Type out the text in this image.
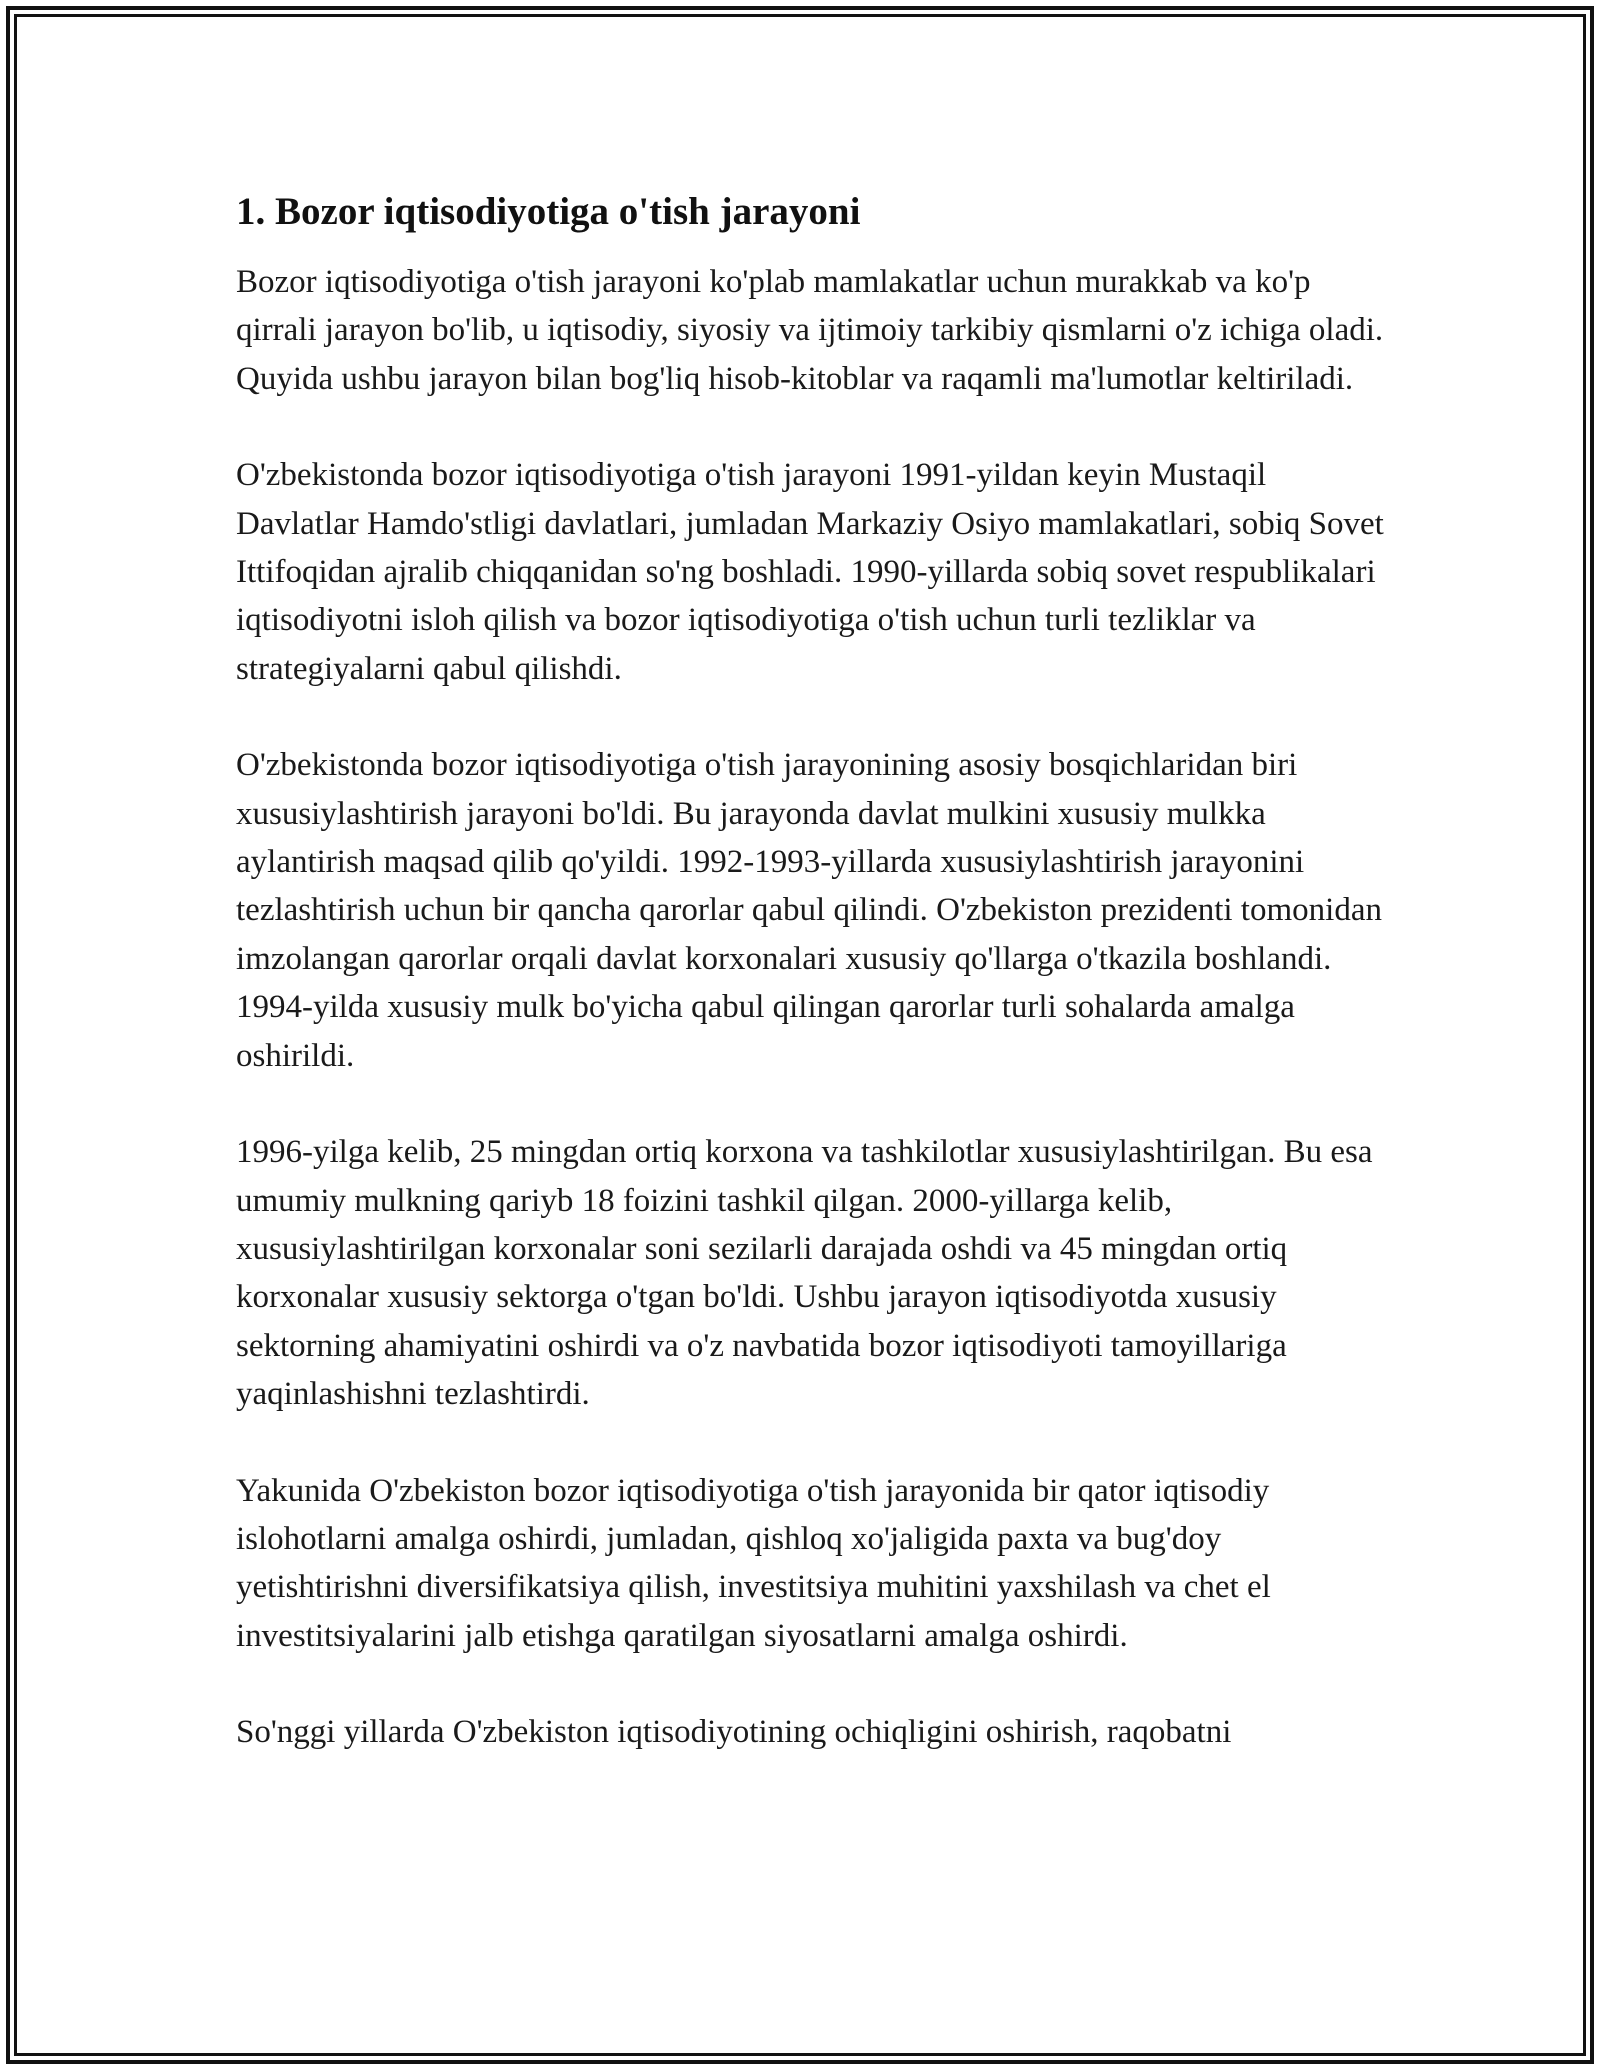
1. Bozor iqtisodiyotiga o'tish jarayoni

Bozor iqtisodiyotiga o'tish jarayoni ko'plab mamlakatlar uchun murakkab va ko'p qirrali jarayon bo'lib, u iqtisodiy, siyosiy va ijtimoiy tarkibiy qismlarni o'z ichiga oladi. Quyida ushbu jarayon bilan bog'liq hisob-kitoblar va raqamli ma'lumotlar keltiriladi.

O'zbekistonda bozor iqtisodiyotiga o'tish jarayoni 1991-yildan keyin Mustaqil Davlatlar Hamdo'stligi davlatlari, jumladan Markaziy Osiyo mamlakatlari, sobiq Sovet Ittifoqidan ajralib chiqqanidan so'ng boshladi. 1990-yillarda sobiq sovet respublikalari iqtisodiyotni isloh qilish va bozor iqtisodiyotiga o'tish uchun turli tezliklar va strategiyalarni qabul qilishdi.

O'zbekistonda bozor iqtisodiyotiga o'tish jarayonining asosiy bosqichlaridan biri xususiylashtirish jarayoni bo'ldi. Bu jarayonda davlat mulkini xususiy mulkka aylantirish maqsad qilib qo'yildi. 1992-1993-yillarda xususiylashtirish jarayonini tezlashtirish uchun bir qancha qarorlar qabul qilindi. O'zbekiston prezidenti tomonidan imzolangan qarorlar orqali davlat korxonalari xususiy qo'llarga o'tkazila boshlandi. 1994-yilda xususiy mulk bo'yicha qabul qilingan qarorlar turli sohalarda amalga oshirildi.

1996-yilga kelib, 25 mingdan ortiq korxona va tashkilotlar xususiylashtirilgan. Bu esa umumiy mulkning qariyb 18 foizini tashkil qilgan. 2000-yillarga kelib, xususiylashtirilgan korxonalar soni sezilarli darajada oshdi va 45 mingdan ortiq korxonalar xususiy sektorga o'tgan bo'ldi. Ushbu jarayon iqtisodiyotda xususiy sektorning ahamiyatini oshirdi va o'z navbatida bozor iqtisodiyoti tamoyillariga yaqinlashishni tezlashtirdi.

Yakunida O'zbekiston bozor iqtisodiyotiga o'tish jarayonida bir qator iqtisodiy islohotlarni amalga oshirdi, jumladan, qishloq xo'jaligida paxta va bug'doy yetishtirishni diversifikatsiya qilish, investitsiya muhitini yaxshilash va chet el investitsiyalarini jalb etishga qaratilgan siyosatlarni amalga oshirdi.

So'nggi yillarda O'zbekiston iqtisodiyotining ochiqligini oshirish, raqobatni
